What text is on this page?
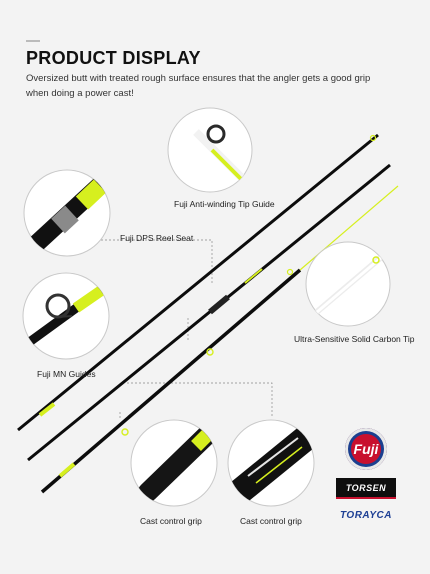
PRODUCT DISPLAY
Oversized butt with treated rough surface ensures that the angler gets a good grip when doing a power cast!
Fuji Anti-winding Tip Guide
Fuji DPS Reel Seat
Ultra-Sensitive Solid Carbon Tip
Fuji MN Guides
Cast control grip	Cast control grip
Fuji
TORSEN
TORAYCA
